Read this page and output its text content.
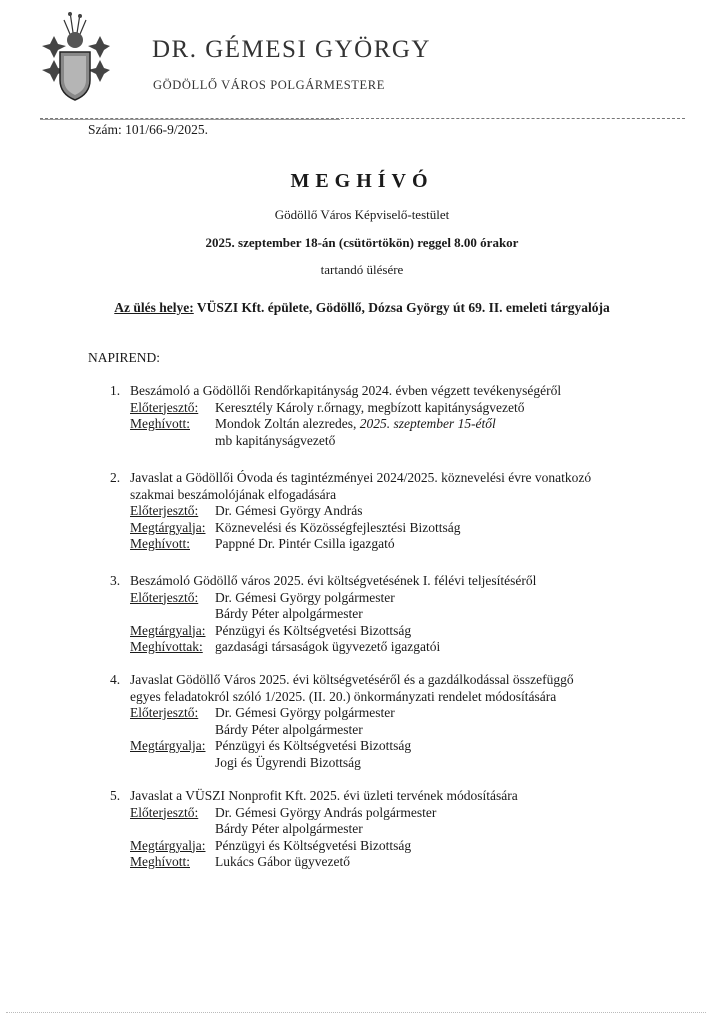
DR. GÉMESI GYÖRGY
GÖDÖLLŐ VÁROS POLGÁRMESTERE
Szám: 101/66-9/2025.
MEGHÍVÓ
Gödöllő Város Képviselő-testület
2025. szeptember 18-án (csütörtökön) reggel 8.00 órakor
tartandó ülésére
Az ülés helye: VÜSZI Kft. épülete, Gödöllő, Dózsa György út 69. II. emeleti tárgyalója
NAPIREND:
1. Beszámoló a Gödöllői Rendőrkapitányság 2024. évben végzett tevékenységéről
Előterjesztő:	Keresztély Károly r.őrnagy, megbízott kapitányságvezető
Meghívott:	Mondok Zoltán alezredes, 2025. szeptember 15-étől
mb kapitányságvezető
2. Javaslat a Gödöllői Óvoda és tagintézményei 2024/2025. köznevelési évre vonatkozó
szakmai beszámolójának elfogadására
Előterjesztő:	Dr. Gémesi György András
Megtárgyalja: Köznevelési és Közösségfejlesztési Bizottság
Meghívott:	Pappné Dr. Pintér Csilla igazgató
3. Beszámoló Gödöllő város 2025. évi költségvetésének I. félévi teljesítéséről
Előterjesztő:	Dr. Gémesi György polgármester
Bárdy Péter alpolgármester
Megtárgyalja: Pénzügyi és Költségvetési Bizottság
Meghívottak: gazdasági társaságok ügyvezető igazgatói
4. Javaslat Gödöllő Város 2025. évi költségvetéséről és a gazdálkodással összefüggő
egyes feladatokról szóló 1/2025. (II. 20.) önkormányzati rendelet módosítására
Előterjesztő:	Dr. Gémesi György polgármester
Bárdy Péter alpolgármester
Megtárgyalja: Pénzügyi és Költségvetési Bizottság
Jogi és Ügyrendi Bizottság
5. Javaslat a VÜSZI Nonprofit Kft. 2025. évi üzleti tervének módosítására
Előterjesztő:	Dr. Gémesi György András polgármester
Bárdy Péter alpolgármester
Megtárgyalja: Pénzügyi és Költségvetési Bizottság
Meghívott:	Lukács Gábor ügyvezető
